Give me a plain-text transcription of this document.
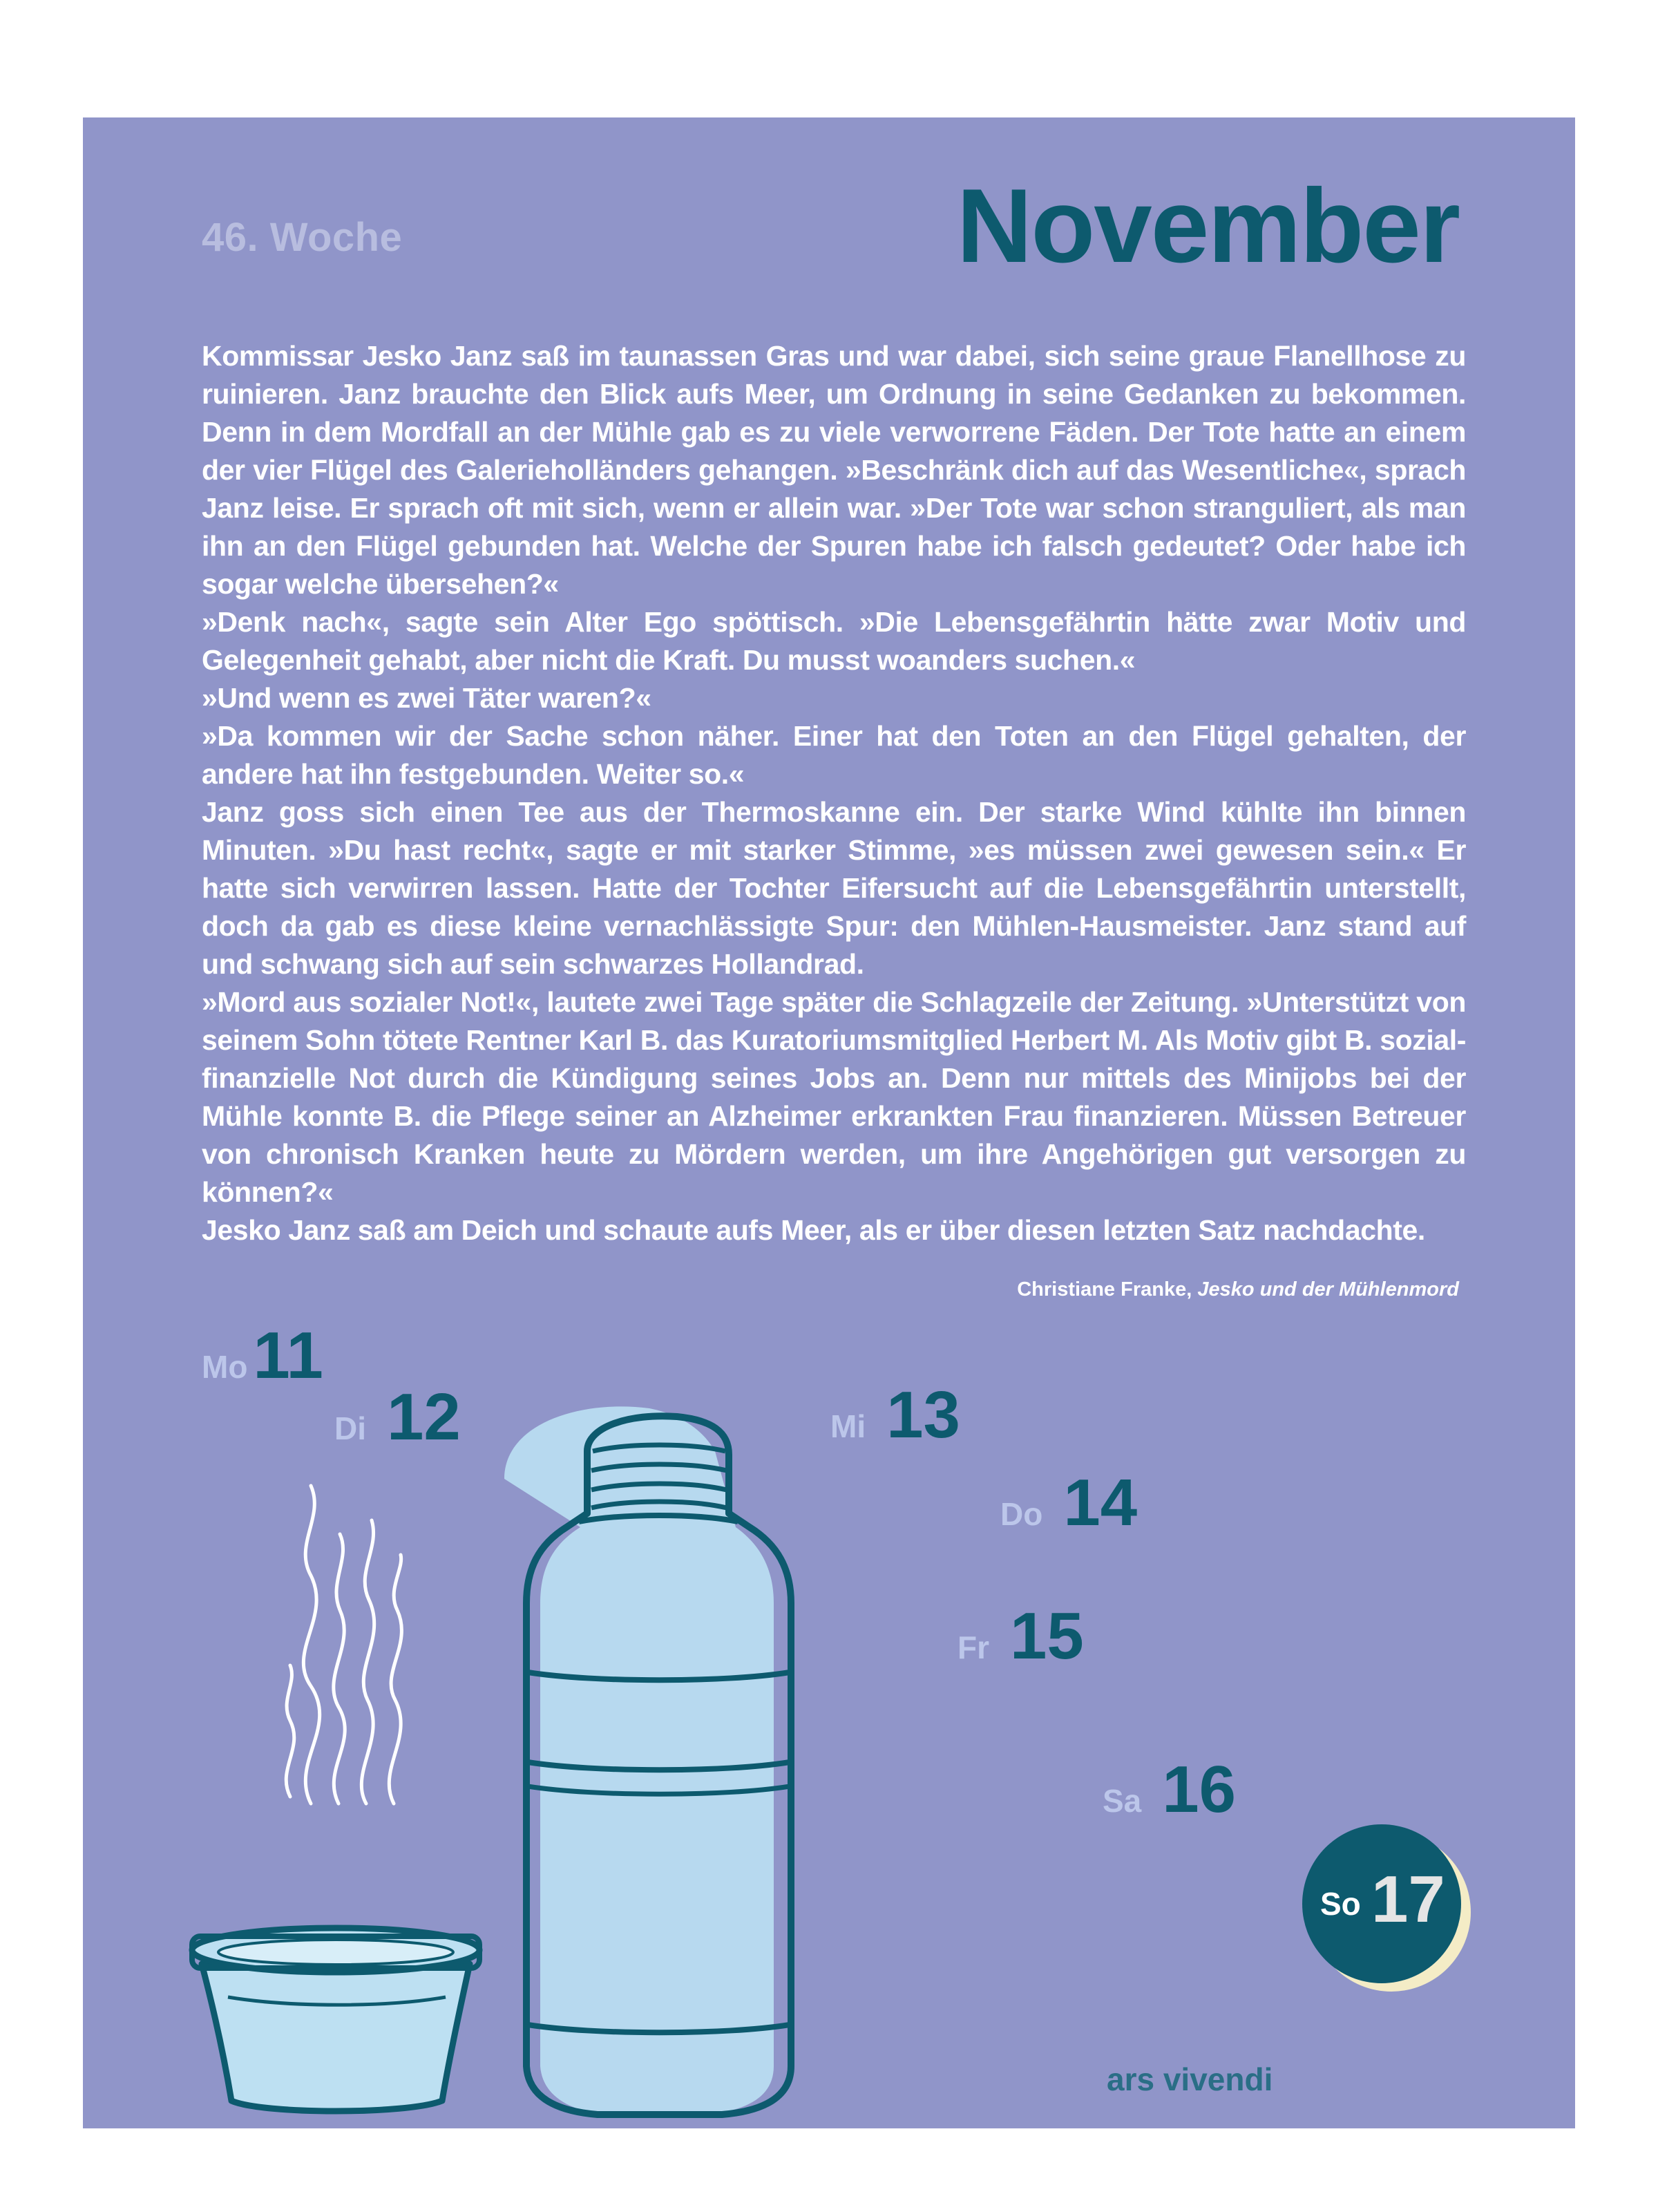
46. Woche	November

Kommissar Jesko Janz saß im taunassen Gras und war dabei, sich seine graue Flanellhose zu ruinieren. Janz brauchte den Blick aufs Meer, um Ordnung in seine Gedanken zu bekommen. Denn in dem Mordfall an der Mühle gab es zu viele verworrene Fäden. Der Tote hatte an einem der vier Flügel des Galerieholländers gehangen. »Beschränk dich auf das Wesentliche«, sprach Janz leise. Er sprach oft mit sich, wenn er allein war. »Der Tote war schon stranguliert, als man ihn an den Flügel gebunden hat. Welche der Spuren habe ich falsch gedeutet? Oder habe ich sogar welche übersehen?«

»Denk nach«, sagte sein Alter Ego spöttisch. »Die Lebensgefährtin hätte zwar Motiv und Gelegenheit gehabt, aber nicht die Kraft. Du musst woanders suchen.«

»Und wenn es zwei Täter waren?«

»Da kommen wir der Sache schon näher. Einer hat den Toten an den Flügel gehalten, der andere hat ihn festgebunden. Weiter so.«

Janz goss sich einen Tee aus der Thermoskanne ein. Der starke Wind kühlte ihn binnen Minuten. »Du hast recht«, sagte er mit starker Stimme, »es müssen zwei gewesen sein.« Er hatte sich verwirren lassen. Hatte der Tochter Eifersucht auf die Lebensgefährtin unterstellt, doch da gab es diese kleine vernachlässigte Spur: den Mühlen-Hausmeister. Janz stand auf und schwang sich auf sein schwarzes Hollandrad.

»Mord aus sozialer Not!«, lautete zwei Tage später die Schlagzeile der Zeitung. »Unterstützt von seinem Sohn tötete Rentner Karl B. das Kuratoriumsmitglied Herbert M. Als Motiv gibt B. sozial-finanzielle Not durch die Kündigung seines Jobs an. Denn nur mittels des Minijobs bei der Mühle konnte B. die Pflege seiner an Alzheimer erkrankten Frau finanzieren. Müssen Betreuer von chronisch Kranken heute zu Mördern werden, um ihre Angehörigen gut versorgen zu können?«

Jesko Janz saß am Deich und schaute aufs Meer, als er über diesen letzten Satz nachdachte.

Christiane Franke, Jesko und der Mühlenmord
Mo11
Di 12	Mi 13
Do 14
Fr 15
Sa 16
So 17
ars vivendi
